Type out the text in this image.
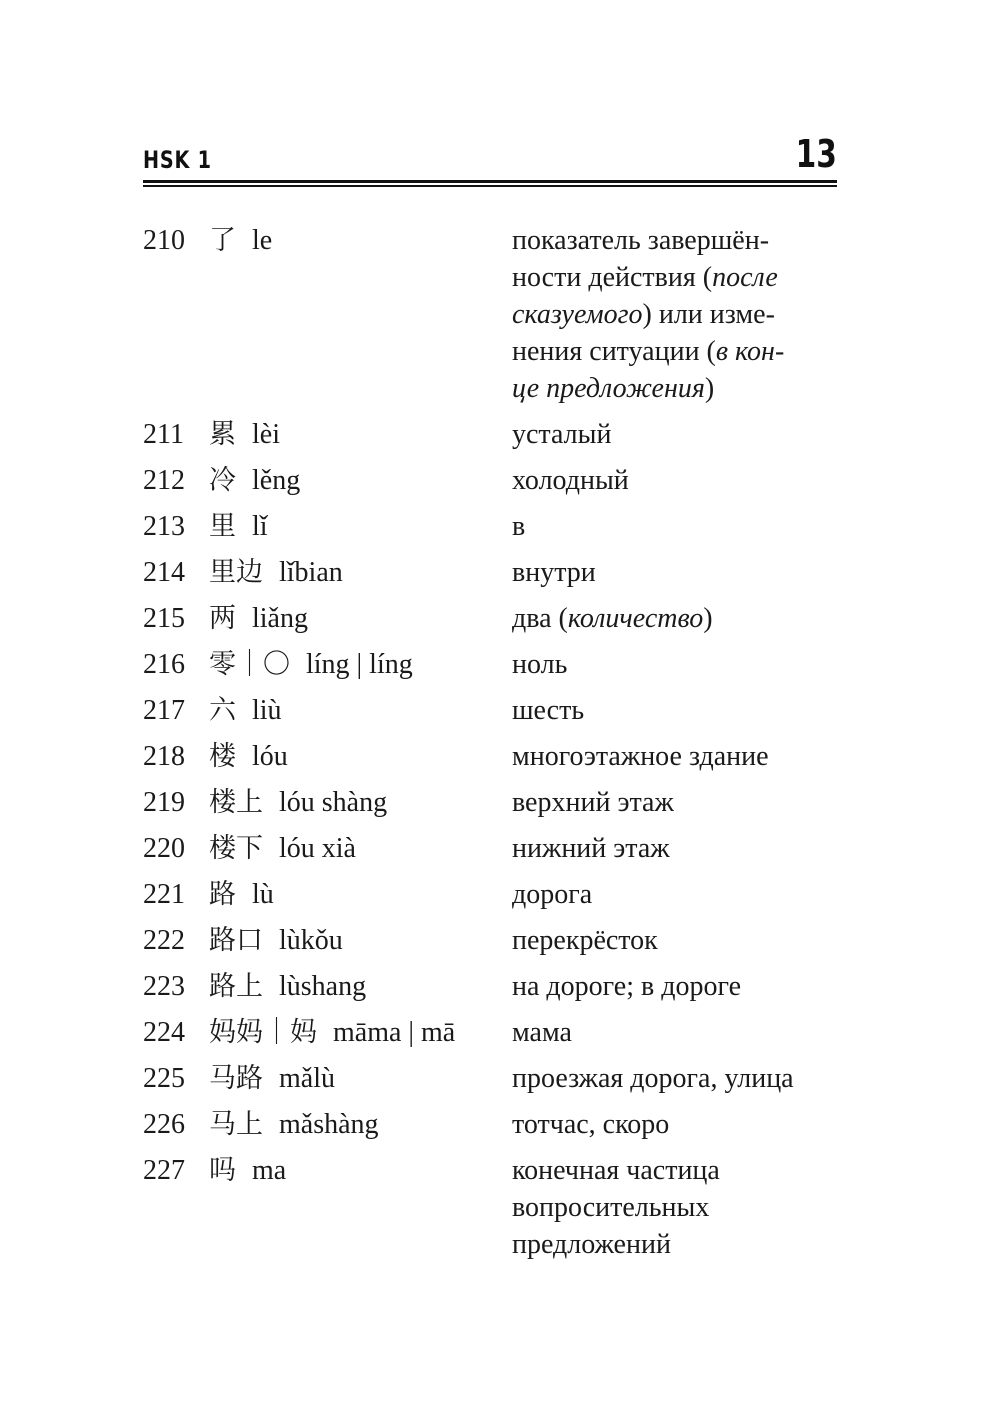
HSK 1	13
210 了 le	показатель завершён-
ности действия (после
сказуемого) или изме-
нения ситуации (в кон-
це предложения)
211 累 lèi	усталый
212 冷 lěng	холодный
213 里 lǐ	в
214 里边 lǐbian	внутри
215 两 liǎng	два (количество)
216 零｜〇 líng | líng	ноль
217 六 liù	шесть
218 楼 lóu	многоэтажное здание
219 楼上 lóu shàng	верхний этаж
220 楼下 lóu xià	нижний этаж
221 路 lù	дорога
222 路口 lùkǒu	перекрёсток
223 路上 lùshang	на дороге; в дороге
224 妈妈｜妈 māma | mā	мама
225 马路 mǎlù	проезжая дорога, улица
226 马上 mǎshàng	тотчас, скоро
227 吗 ma	конечная частица
вопросительных
предложений
